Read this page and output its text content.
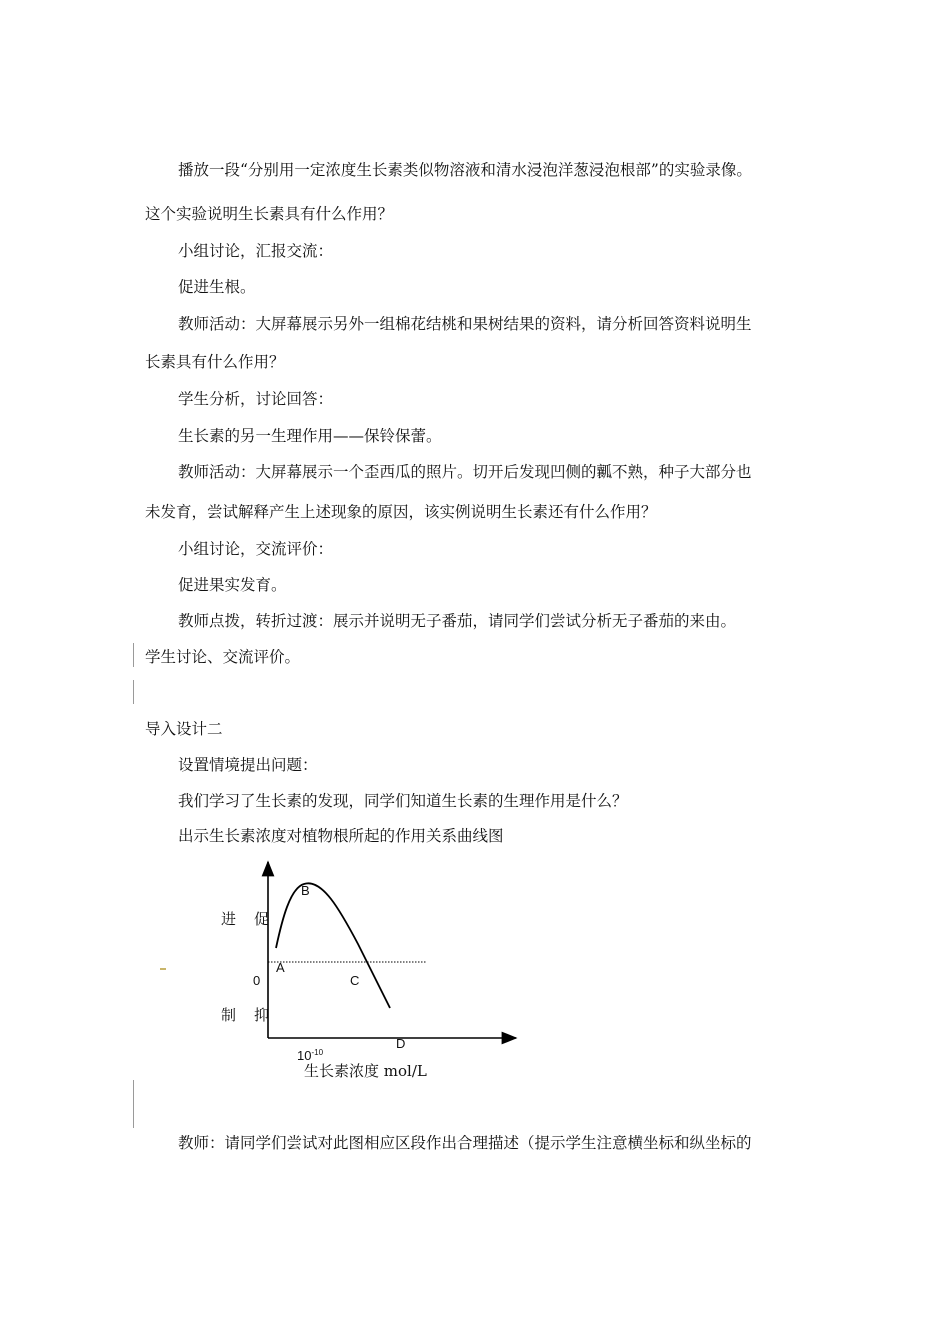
播放一段“分别用一定浓度生长素类似物溶液和清水浸泡洋葱浸泡根部”的实验录像。
这个实验说明生长素具有什么作用？
小组讨论，汇报交流：
促进生根。
教师活动：大屏幕展示另外一组棉花结桃和果树结果的资料，请分析回答资料说明生
长素具有什么作用？
学生分析，讨论回答：
生长素的另一生理作用——保铃保蕾。
教师活动：大屏幕展示一个歪西瓜的照片。切开后发现凹侧的瓤不熟，种子大部分也
未发育，尝试解释产生上述现象的原因，该实例说明生长素还有什么作用？
小组讨论，交流评价：
促进果实发育。
教师点拨，转折过渡：展示并说明无子番茄，请同学们尝试分析无子番茄的来由。
学生讨论、交流评价。
导入设计二
设置情境提出问题：
我们学习了生长素的发现，同学们知道生长素的生理作用是什么？
出示生长素浓度对植物根所起的作用关系曲线图
教师：请同学们尝试对此图相应区段作出合理描述（提示学生注意横坐标和纵坐标的
进 促
制 抑
0
A
B
C
D
$10^{-10}$
生长素浓度 mol/L
